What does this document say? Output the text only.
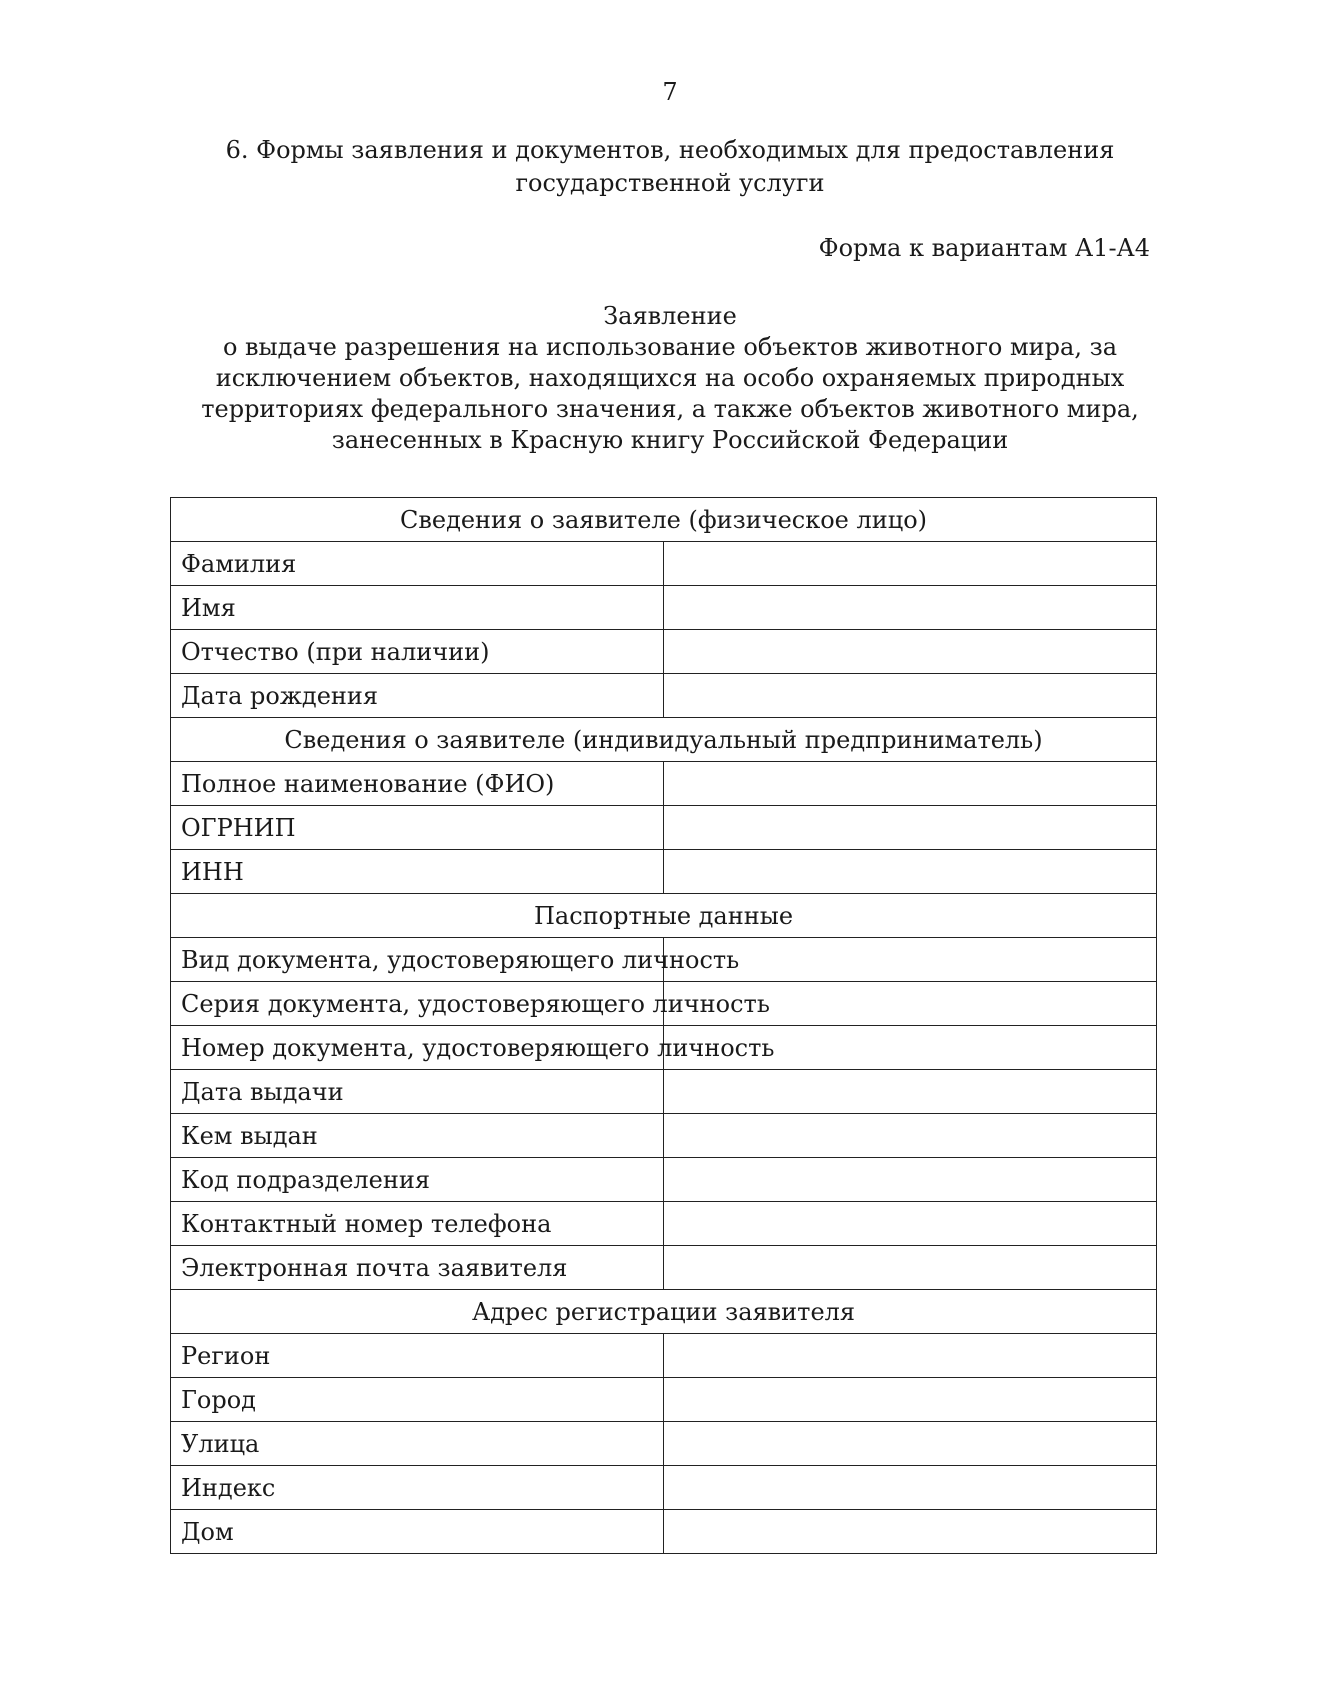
7
6. Формы заявления и документов, необходимых для предоставления
государственной услуги
Форма к вариантам А1-А4
Заявление
о выдаче разрешения на использование объектов животного мира, за
исключением объектов, находящихся на особо охраняемых природных
территориях федерального значения, а также объектов животного мира,
занесенных в Красную книгу Российской Федерации
Сведения о заявителе (физическое лицо)	
Фамилия	
Имя	
Отчество (при наличии)	
Дата рождения	
Сведения о заявителе (индивидуальный предприниматель)	
Полное наименование (ФИО)	
ОГРНИП	
ИНН	
Паспортные данные	
Вид документа, удостоверяющего личность	
Серия документа, удостоверяющего личность	
Номер документа, удостоверяющего личность	
Дата выдачи	
Кем выдан	
Код подразделения	
Контактный номер телефона	
Электронная почта заявителя	
Адрес регистрации заявителя	
Регион	
Город	
Улица	
Индекс	
Дом	
